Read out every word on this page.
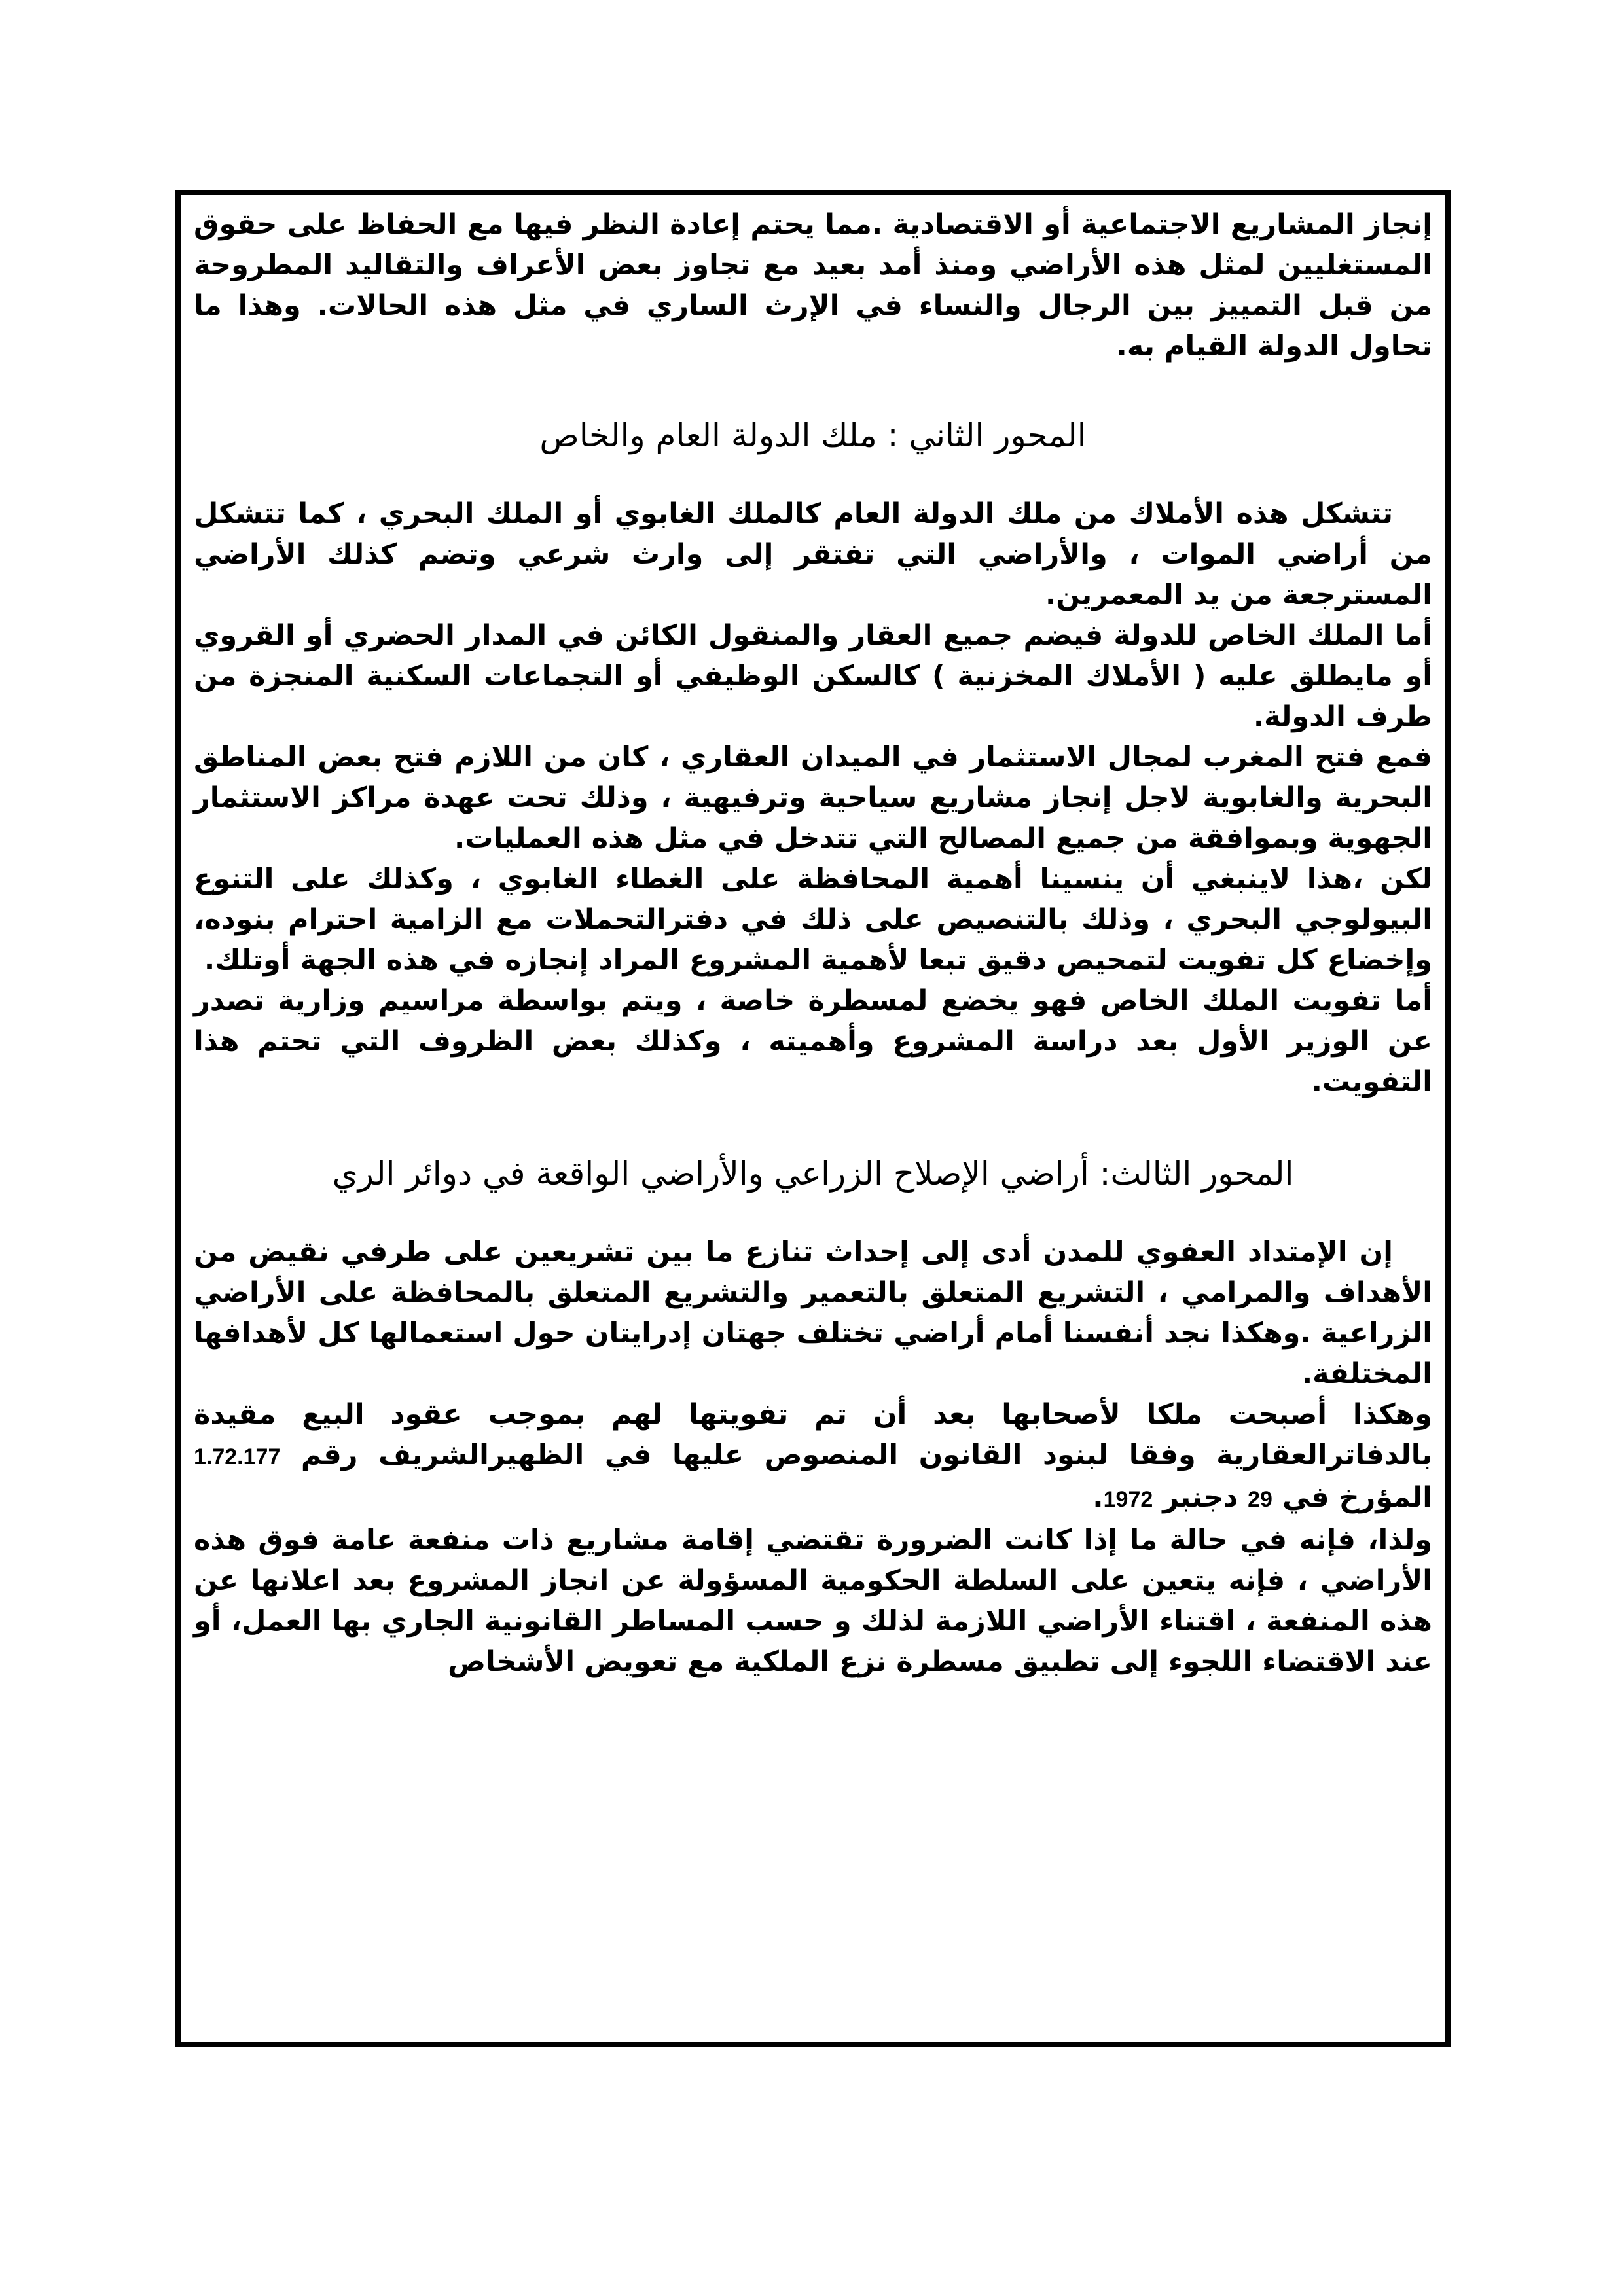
إنجاز المشاريع الاجتماعية أو الاقتصادية .مما يحتم إعادة النظر فيها مع الحفاظ على حقوق المستغليين لمثل هذه الأراضي ومنذ أمد بعيد مع تجاوز بعض الأعراف والتقاليد المطروحة من قبل التمييز بين الرجال والنساء في الإرث الساري في مثل هذه الحالات. وهذا ما تحاول الدولة القيام به.

المحور الثاني : ملك الدولة العام والخاص

تتشكل هذه الأملاك من ملك الدولة العام كالملك الغابوي أو الملك البحري ، كما تتشكل من أراضي الموات ، والأراضي التي تفتقر إلى وارث شرعي وتضم كذلك الأراضي المسترجعة من يد المعمرين.

أما الملك الخاص للدولة فيضم جميع العقار والمنقول الكائن في المدار الحضري أو القروي أو مايطلق عليه ( الأملاك المخزنية ) كالسكن الوظيفي أو التجماعات السكنية المنجزة من طرف الدولة.

فمع فتح المغرب لمجال الاستثمار في الميدان العقاري ، كان من اللازم فتح بعض المناطق البحرية والغابوية لاجل إنجاز مشاريع سياحية وترفيهية ، وذلك تحت عهدة مراكز الاستثمار الجهوية وبموافقة من جميع المصالح التي تتدخل في مثل هذه العمليات.

لكن ،هذا لاينبغي أن ينسينا أهمية المحافظة على الغطاء الغابوي ، وكذلك على التنوع البيولوجي البحري ، وذلك بالتنصيص على ذلك في دفترالتحملات مع الزامية احترام بنوده، وإخضاع كل تفويت لتمحيص دقيق تبعا لأهمية المشروع المراد إنجازه في هذه الجهة أوتلك.

أما تفويت الملك الخاص فهو يخضع لمسطرة خاصة ، ويتم بواسطة مراسيم وزارية تصدر عن الوزير الأول بعد دراسة المشروع وأهميته ، وكذلك بعض الظروف التي تحتم هذا التفويت.

المحور الثالث: أراضي الإصلاح الزراعي والأراضي الواقعة في دوائر الري

إن الإمتداد العفوي للمدن أدى إلى إحداث تنازع ما بين تشريعين على طرفي نقيض من الأهداف والمرامي ، التشريع المتعلق بالتعمير والتشريع المتعلق بالمحافظة على الأراضي الزراعية .وهكذا نجد أنفسنا أمام أراضي تختلف جهتان إدرايتان حول استعمالها كل لأهدافها المختلفة.

وهكذا أصبحت ملكا لأصحابها بعد أن تم تفويتها لهم بموجب عقود البيع مقيدة بالدفاترالعقارية وفقا لبنود القانون المنصوص عليها في الظهيرالشريف رقم 1.72.177 المؤرخ في 29 دجنبر 1972.

ولذا، فإنه في حالة ما إذا كانت الضرورة تقتضي إقامة مشاريع ذات منفعة عامة فوق هذه الأراضي ، فإنه يتعين على السلطة الحكومية المسؤولة عن انجاز المشروع بعد اعلانها عن هذه المنفعة ، اقتناء الأراضي اللازمة لذلك و حسب المساطر القانونية الجاري بها العمل، أو عند الاقتضاء اللجوء إلى تطبيق مسطرة نزع الملكية مع تعويض الأشخاص
